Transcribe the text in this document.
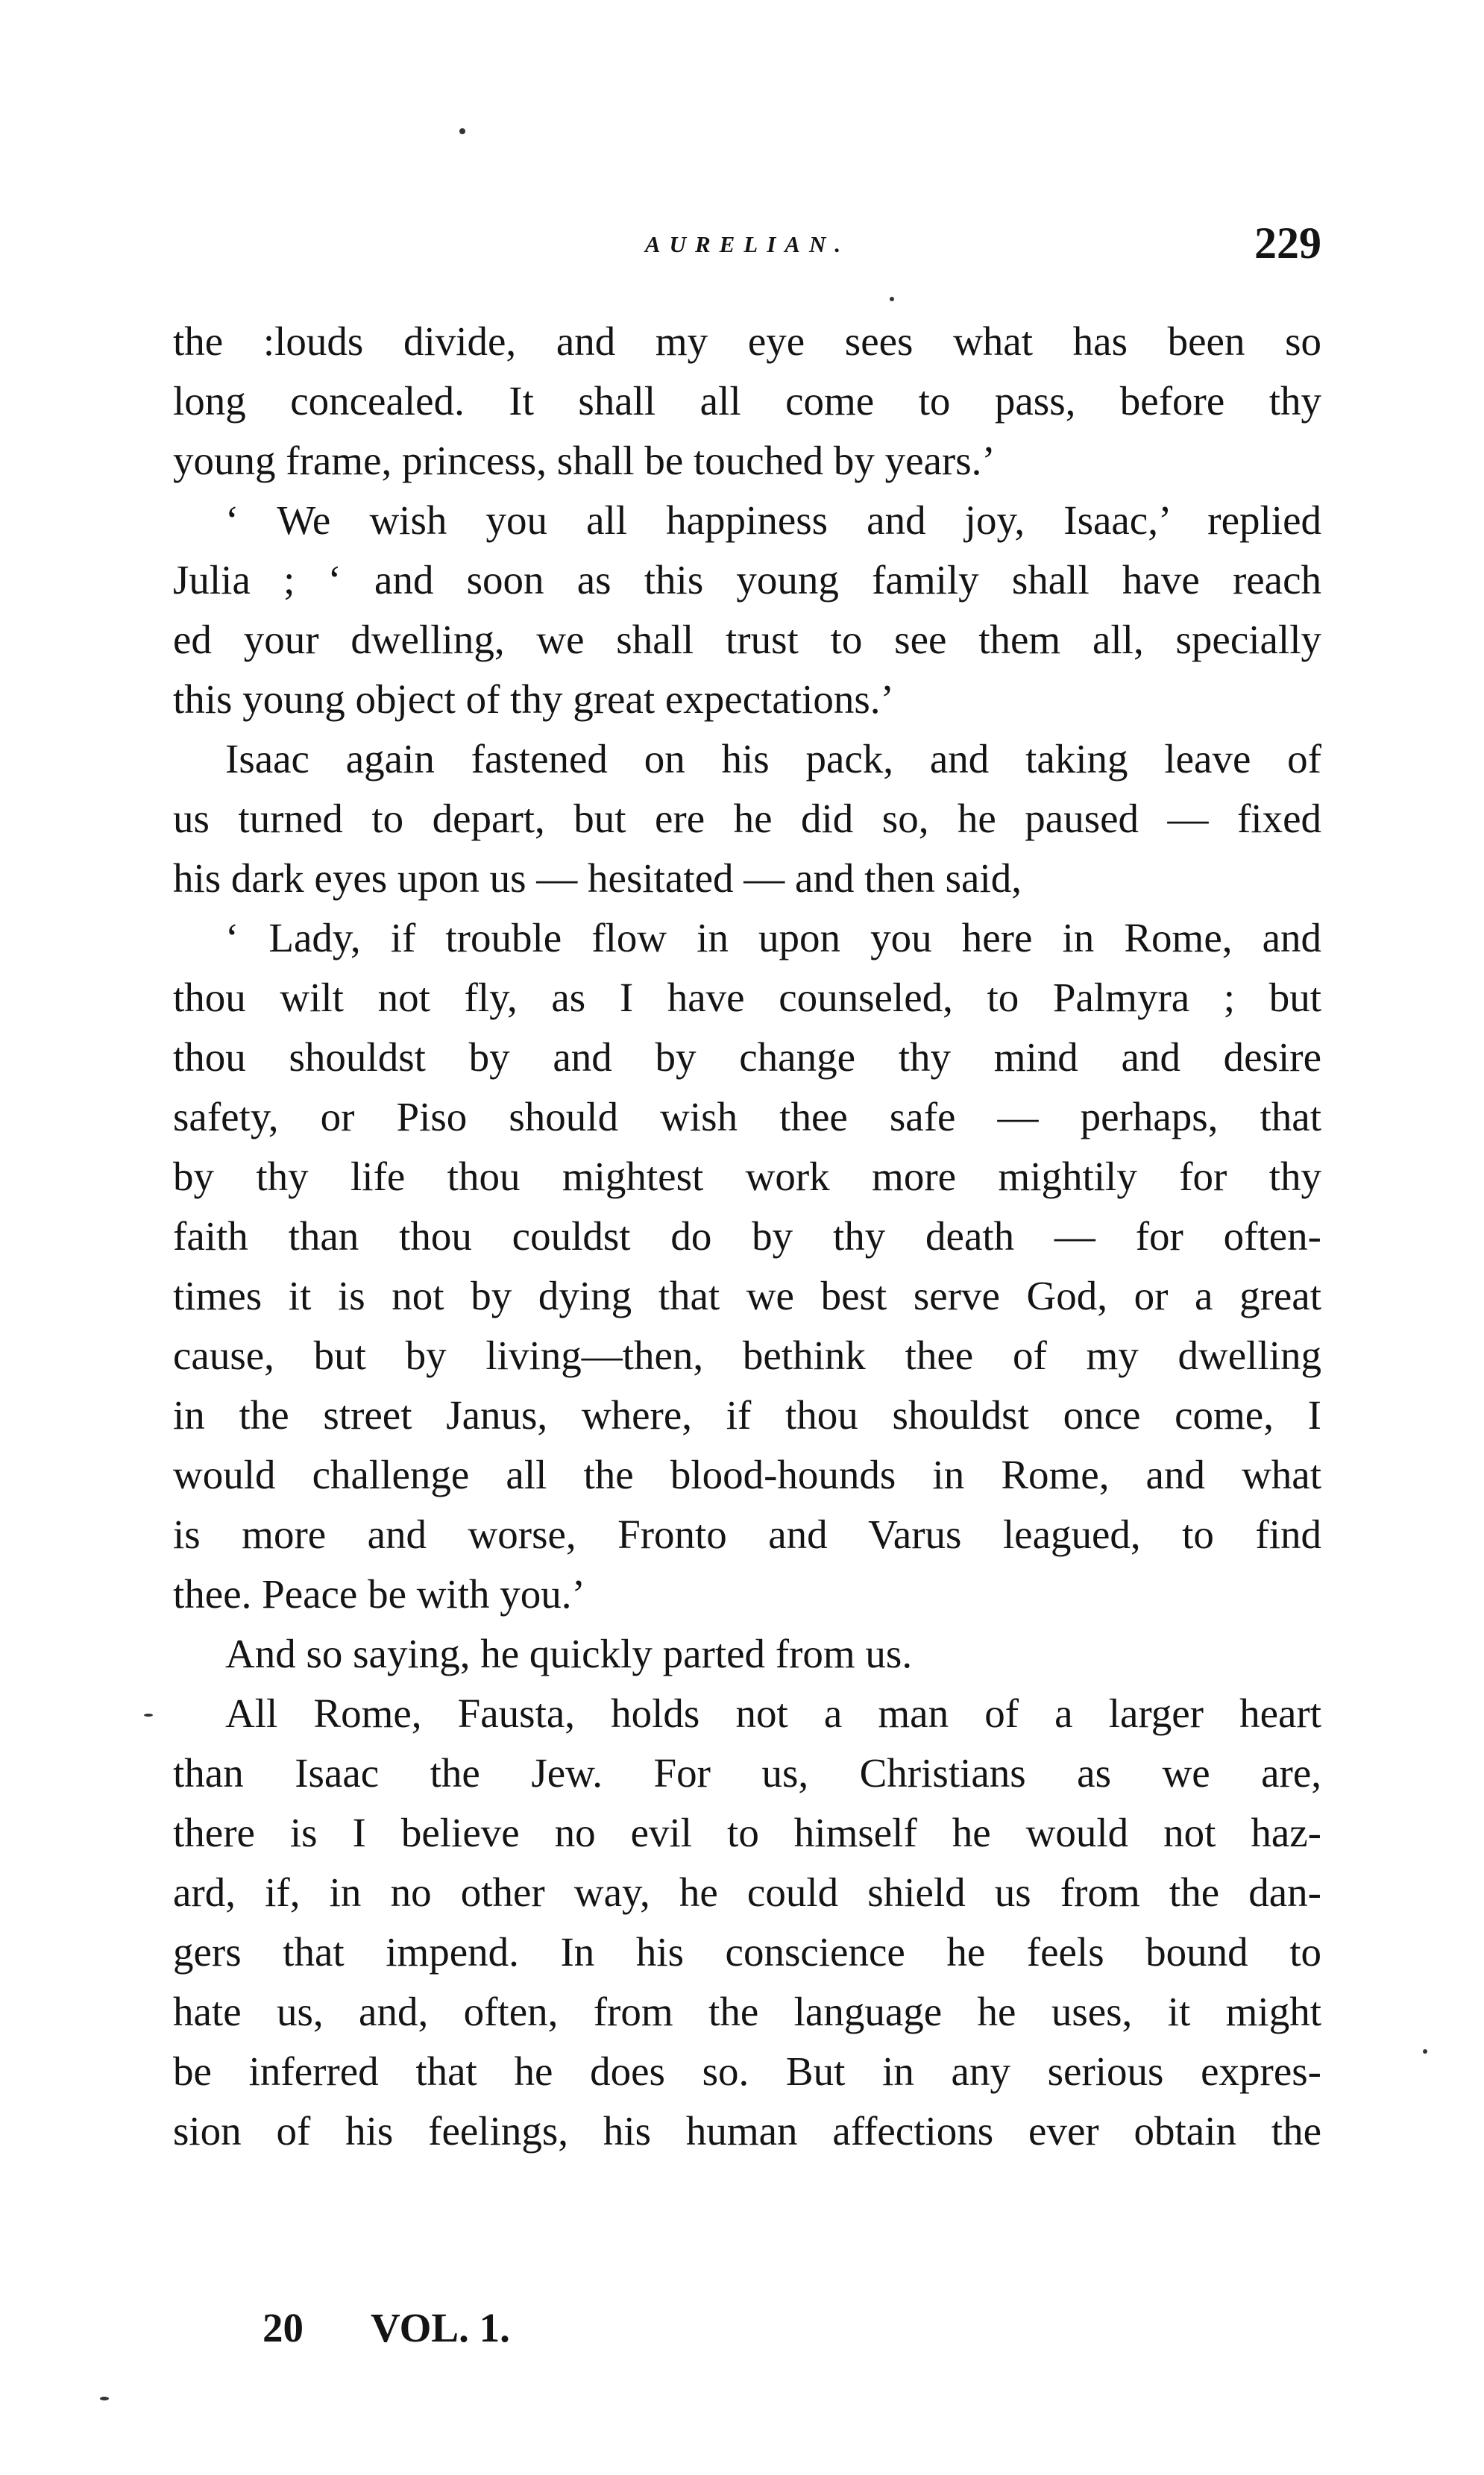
AURELIAN.	229
the :louds divide, and my eye sees what has been so
long concealed. It shall all come to pass, before thy
young frame, princess, shall be touched by years.’
‘ We wish you all happiness and joy, Isaac,’ replied
Julia ; ‘ and soon as this young family shall have reach
ed your dwelling, we shall trust to see them all, specially
this young object of thy great expectations.’
Isaac again fastened on his pack, and taking leave of
us turned to depart, but ere he did so, he paused — fixed
his dark eyes upon us — hesitated — and then said,
‘ Lady, if trouble flow in upon you here in Rome, and
thou wilt not fly, as I have counseled, to Palmyra ; but
thou shouldst by and by change thy mind and desire
safety, or Piso should wish thee safe — perhaps, that
by thy life thou mightest work more mightily for thy
faith than thou couldst do by thy death — for often-
times it is not by dying that we best serve God, or a great
cause, but by living—then, bethink thee of my dwelling
in the street Janus, where, if thou shouldst once come, I
would challenge all the blood-hounds in Rome, and what
is more and worse, Fronto and Varus leagued, to find
thee. Peace be with you.’
And so saying, he quickly parted from us.
All Rome, Fausta, holds not a man of a larger heart
than Isaac the Jew. For us, Christians as we are,
there is I believe no evil to himself he would not haz-
ard, if, in no other way, he could shield us from the dan-
gers that impend. In his conscience he feels bound to
hate us, and, often, from the language he uses, it might
be inferred that he does so. But in any serious expres-
sion of his feelings, his human affections ever obtain the
20 VOL. 1.
